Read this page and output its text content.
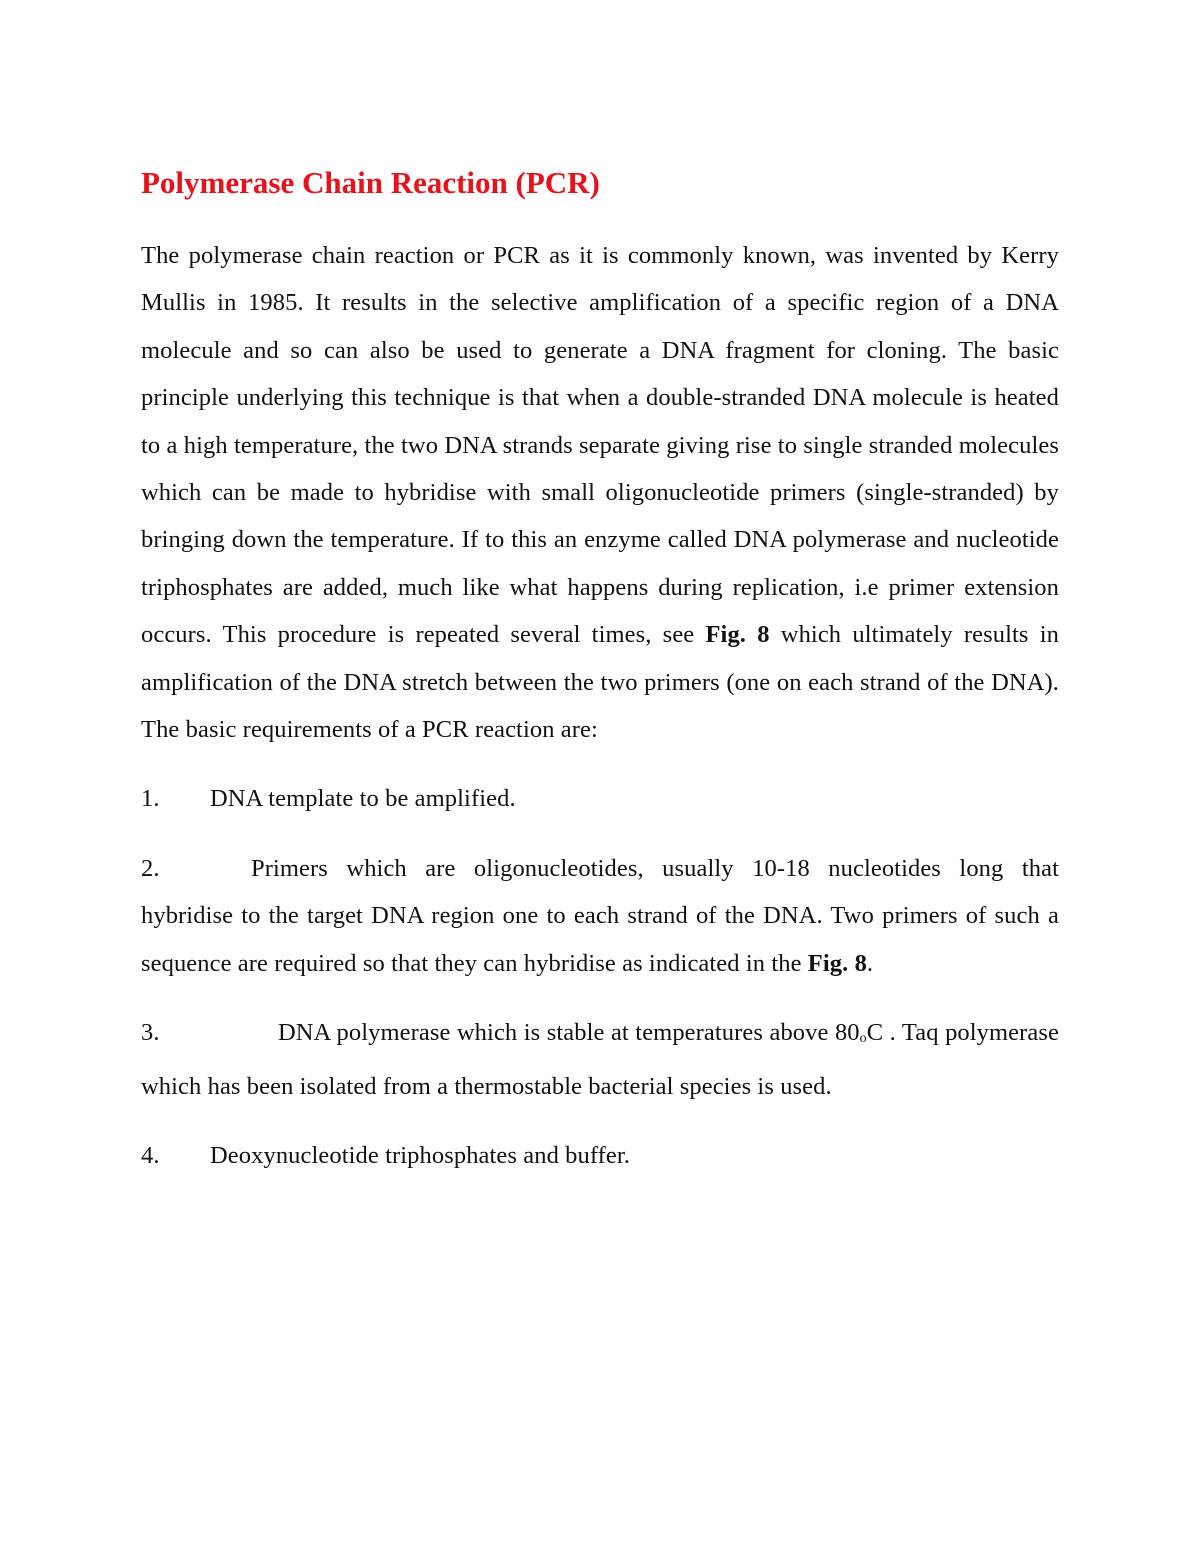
Polymerase Chain Reaction (PCR)

The polymerase chain reaction or PCR as it is commonly known, was invented by Kerry Mullis in 1985. It results in the selective amplification of a specific region of a DNA molecule and so can also be used to generate a DNA fragment for cloning. The basic principle underlying this technique is that when a double-stranded DNA molecule is heated to a high temperature, the two DNA strands separate giving rise to single stranded molecules which can be made to hybridise with small oligonucleotide primers (single-stranded) by bringing down the temperature. If to this an enzyme called DNA polymerase and nucleotide triphosphates are added, much like what happens during replication, i.e primer extension occurs. This procedure is repeated several times, see Fig. 8 which ultimately results in amplification of the DNA stretch between the two primers (one on each strand of the DNA). The basic requirements of a PCR reaction are:

1. DNA template to be amplified.
2.	Primers which are oligonucleotides, usually 10-18 nucleotides long that hybridise to the target DNA region one to each strand of the DNA. Two primers of such a sequence are required so that they can hybridise as indicated in the Fig. 8.
3.	DNA polymerase which is stable at temperatures above $80_oC$ . Taq polymerase which has been isolated from a thermostable bacterial species is used.
4. Deoxynucleotide triphosphates and buffer.
